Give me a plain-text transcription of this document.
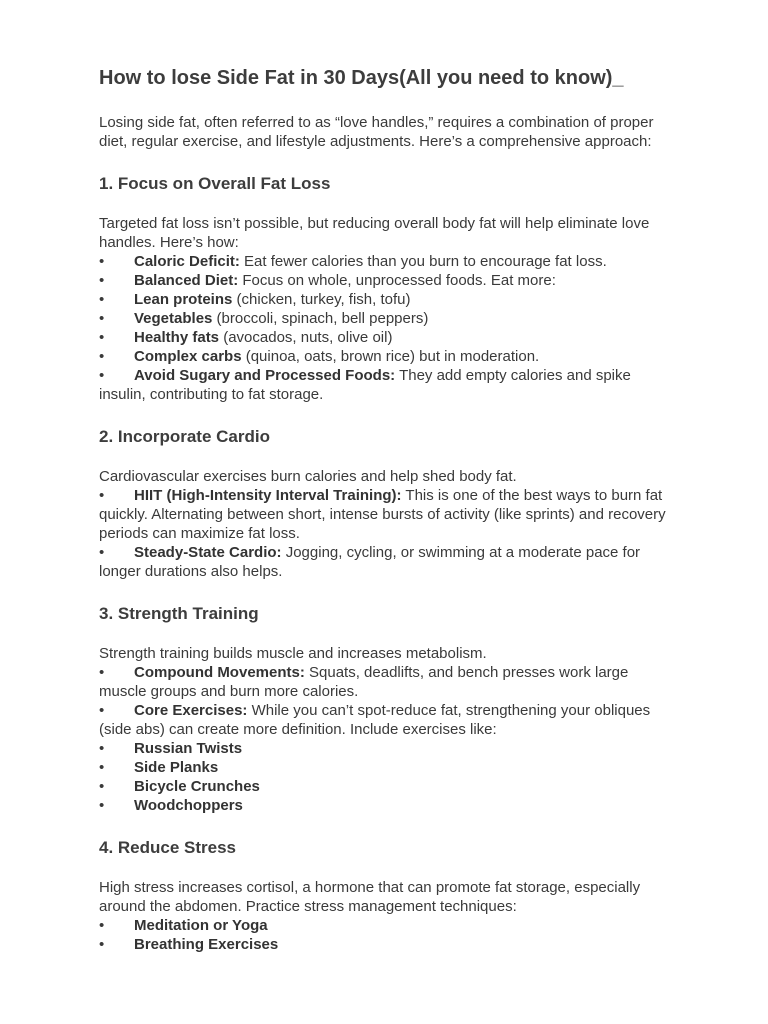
How to lose Side Fat in 30 Days(All you need to know)_

Losing side fat, often referred to as “love handles,” requires a combination of proper diet, regular exercise, and lifestyle adjustments. Here’s a comprehensive approach:

1. Focus on Overall Fat Loss

Targeted fat loss isn’t possible, but reducing overall body fat will help eliminate love handles. Here’s how:

• Caloric Deficit: Eat fewer calories than you burn to encourage fat loss.
• Balanced Diet: Focus on whole, unprocessed foods. Eat more:
• Lean proteins (chicken, turkey, fish, tofu)
• Vegetables (broccoli, spinach, bell peppers)
• Healthy fats (avocados, nuts, olive oil)
• Complex carbs (quinoa, oats, brown rice) but in moderation.
• Avoid Sugary and Processed Foods: They add empty calories and spike insulin, contributing to fat storage.
2. Incorporate Cardio

Cardiovascular exercises burn calories and help shed body fat.

• HIIT (High-Intensity Interval Training): This is one of the best ways to burn fat quickly. Alternating between short, intense bursts of activity (like sprints) and recovery periods can maximize fat loss.
• Steady-State Cardio: Jogging, cycling, or swimming at a moderate pace for longer durations also helps.
3. Strength Training

Strength training builds muscle and increases metabolism.

• Compound Movements: Squats, deadlifts, and bench presses work large muscle groups and burn more calories.
• Core Exercises: While you can’t spot-reduce fat, strengthening your obliques (side abs) can create more definition. Include exercises like:
• Russian Twists
• Side Planks
• Bicycle Crunches
• Woodchoppers
4. Reduce Stress

High stress increases cortisol, a hormone that can promote fat storage, especially around the abdomen. Practice stress management techniques:

• Meditation or Yoga
• Breathing Exercises
